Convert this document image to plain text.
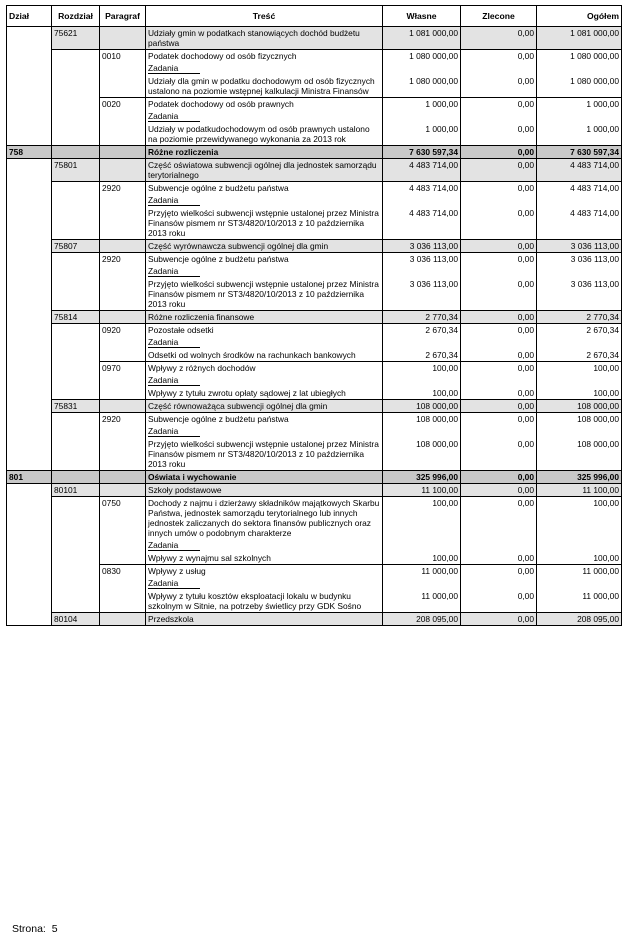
Dział	Rozdział	Paragraf	Treść	Własne	Zlecone	Ogółem
	75621		Udziały gmin w podatkach stanowiących dochód budżetu państwa	1 081 000,00	0,00	1 081 000,00
		0010	Podatek dochodowy od osób fizycznych	1 080 000,00	0,00	1 080 000,00
			Zadania			
			Udziały dla gmin w podatku dochodowym od osób fizycznych ustalono na poziomie wstępnej kalkulacji Ministra Finansów	1 080 000,00	0,00	1 080 000,00
		0020	Podatek dochodowy od osób prawnych	1 000,00	0,00	1 000,00
			Zadania			
			Udziały w podatkudochodowym od osób prawnych ustalono na poziomie przewidywanego wykonania za 2013 rok	1 000,00	0,00	1 000,00
758			Różne rozliczenia	7 630 597,34	0,00	7 630 597,34
	75801		Część oświatowa subwencji ogólnej dla jednostek samorządu terytorialnego	4 483 714,00	0,00	4 483 714,00
		2920	Subwencje ogólne z budżetu państwa	4 483 714,00	0,00	4 483 714,00
			Zadania			
			Przyjęto wielkości subwencji wstępnie ustalonej przez Ministra Finansów pismem nr ST3/4820/10/2013 z 10 października 2013 roku	4 483 714,00	0,00	4 483 714,00
	75807		Część wyrównawcza subwencji ogólnej dla gmin	3 036 113,00	0,00	3 036 113,00
		2920	Subwencje ogólne z budżetu państwa	3 036 113,00	0,00	3 036 113,00
			Zadania			
			Przyjęto wielkości subwencji wstępnie ustalonej przez Ministra Finansów pismem nr ST3/4820/10/2013 z 10 października 2013 roku	3 036 113,00	0,00	3 036 113,00
	75814		Różne rozliczenia finansowe	2 770,34	0,00	2 770,34
		0920	Pozostałe odsetki	2 670,34	0,00	2 670,34
			Zadania			
			Odsetki od wolnych środków na rachunkach bankowych	2 670,34	0,00	2 670,34
		0970	Wpływy z różnych dochodów	100,00	0,00	100,00
			Zadania			
			Wpływy z tytułu zwrotu opłaty sądowej z lat ubiegłych	100,00	0,00	100,00
	75831		Część równoważąca subwencji ogólnej dla gmin	108 000,00	0,00	108 000,00
		2920	Subwencje ogólne z budżetu państwa	108 000,00	0,00	108 000,00
			Zadania			
			Przyjęto wielkości subwencji wstępnie ustalonej przez Ministra Finansów pismem nr ST3/4820/10/2013 z 10 października 2013 roku	108 000,00	0,00	108 000,00
801			Oświata i wychowanie	325 996,00	0,00	325 996,00
	80101		Szkoły podstawowe	11 100,00	0,00	11 100,00
		0750	Dochody z najmu i dzierżawy składników majątkowych Skarbu Państwa, jednostek samorządu terytorialnego lub innych jednostek zaliczanych do sektora finansów publicznych oraz innych umów o podobnym charakterze	100,00	0,00	100,00
			Zadania			
			Wpływy z wynajmu sal szkolnych	100,00	0,00	100,00
		0830	Wpływy z usług	11 000,00	0,00	11 000,00
			Zadania			
			Wpływy z tytułu kosztów eksploatacji lokalu w budynku szkolnym w Sitnie, na potrzeby świetlicy przy GDK Sośno	11 000,00	0,00	11 000,00
	80104		Przedszkola	208 095,00	0,00	208 095,00
Strona: 5
